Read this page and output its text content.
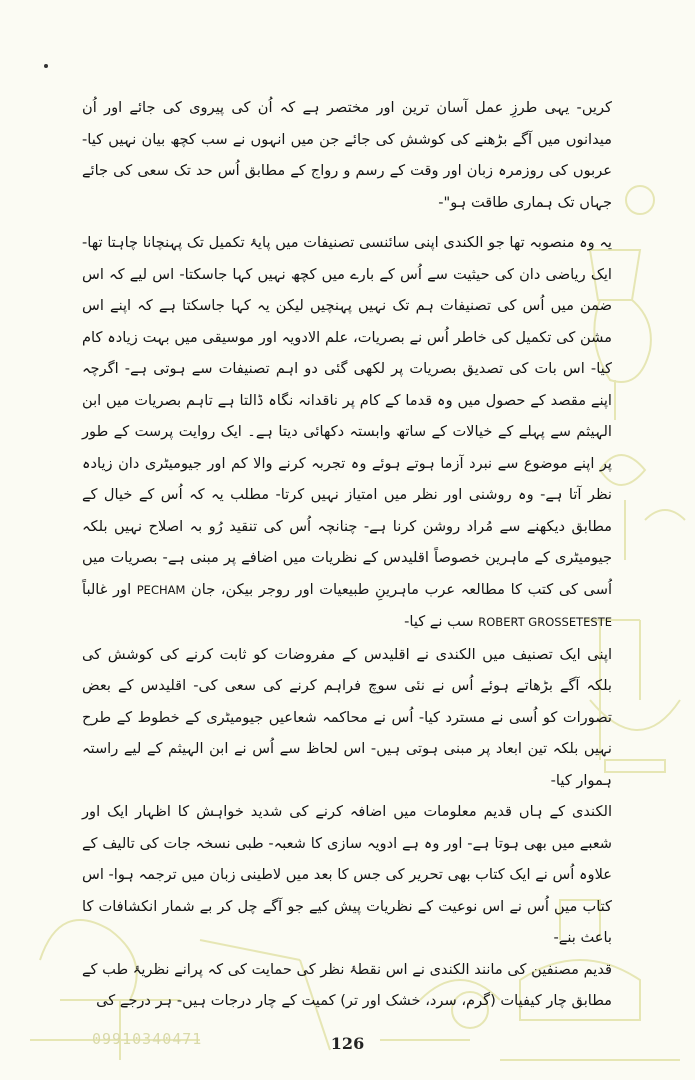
کریں- یہی طرزِ عمل آسان ترین اور مختصر ہے کہ اُن کی پیروی کی جائے اور اُن میدانوں میں آگے بڑھنے کی کوشش کی جائے جن میں انہوں نے سب کچھ بیان نہیں کیا- عربوں کی روزمرہ زبان اور وقت کے رسم و رواج کے مطابق اُس حد تک سعی کی جائے جہاں تک ہماری طاقت ہو"-

یہ وہ منصوبہ تھا جو الکندی اپنی سائنسی تصنیفات میں پایۂ تکمیل تک پہنچانا چاہتا تھا- ایک ریاضی دان کی حیثیت سے اُس کے بارے میں کچھ نہیں کہا جاسکتا- اس لیے کہ اس ضمن میں اُس کی تصنیفات ہم تک نہیں پہنچیں لیکن یہ کہا جاسکتا ہے کہ اپنے اس مشن کی تکمیل کی خاطر اُس نے بصریات، علم الادویہ اور موسیقی میں بہت زیادہ کام کیا- اس بات کی تصدیق بصریات پر لکھی گئی دو اہم تصنیفات سے ہوتی ہے- اگرچہ اپنے مقصد کے حصول میں وہ قدما کے کام پر ناقدانہ نگاہ ڈالتا ہے تاہم بصریات میں ابن الہیثم سے پہلے کے خیالات کے ساتھ وابستہ دکھائی دیتا ہے۔ ایک روایت پرست کے طور پر اپنے موضوع سے نبرد آزما ہوتے ہوئے وہ تجربہ کرنے والا کم اور جیومیٹری دان زیادہ نظر آتا ہے- وہ روشنی اور نظر میں امتیاز نہیں کرتا- مطلب یہ کہ اُس کے خیال کے مطابق دیکھنے سے مُراد روشن کرنا ہے- چنانچہ اُس کی تنقید رُو بہ اصلاح نہیں بلکہ جیومیٹری کے ماہرین خصوصاً اقلیدس کے نظریات میں اضافے پر مبنی ہے- بصریات میں اُسی کی کتب کا مطالعہ عرب ماہرینِ طبیعیات اور روجر بیکن، جان PECHAM اور غالباً ROBERT GROSSETESTE سب نے کیا-

اپنی ایک تصنیف میں الکندی نے اقلیدس کے مفروضات کو ثابت کرنے کی کوشش کی بلکہ آگے بڑھاتے ہوئے اُس نے نئی سوچ فراہم کرنے کی سعی کی- اقلیدس کے بعض تصورات کو اُسی نے مسترد کیا- اُس نے محاکمہ شعاعیں جیومیٹری کے خطوط کے طرح نہیں بلکہ تین ابعاد پر مبنی ہوتی ہیں- اس لحاظ سے اُس نے ابن الہیثم کے لیے راستہ ہموار کیا-

الکندی کے ہاں قدیم معلومات میں اضافہ کرنے کی شدید خواہش کا اظہار ایک اور شعبے میں بھی ہوتا ہے- اور وہ ہے ادویہ سازی کا شعبہ- طبی نسخہ جات کی تالیف کے علاوہ اُس نے ایک کتاب بھی تحریر کی جس کا بعد میں لاطینی زبان میں ترجمہ ہوا- اس کتاب میں اُس نے اس نوعیت کے نظریات پیش کیے جو آگے چل کر بے شمار انکشافات کا باعث بنے-

قدیم مصنفین کی مانند الکندی نے اس نقطۂ نظر کی حمایت کی کہ پرانے نظریۂ طب کے مطابق چار کیفیات (گرم، سرد، خشک اور تر) کمیت کے چار درجات ہیں- ہر درجے کی

09910340471	126
